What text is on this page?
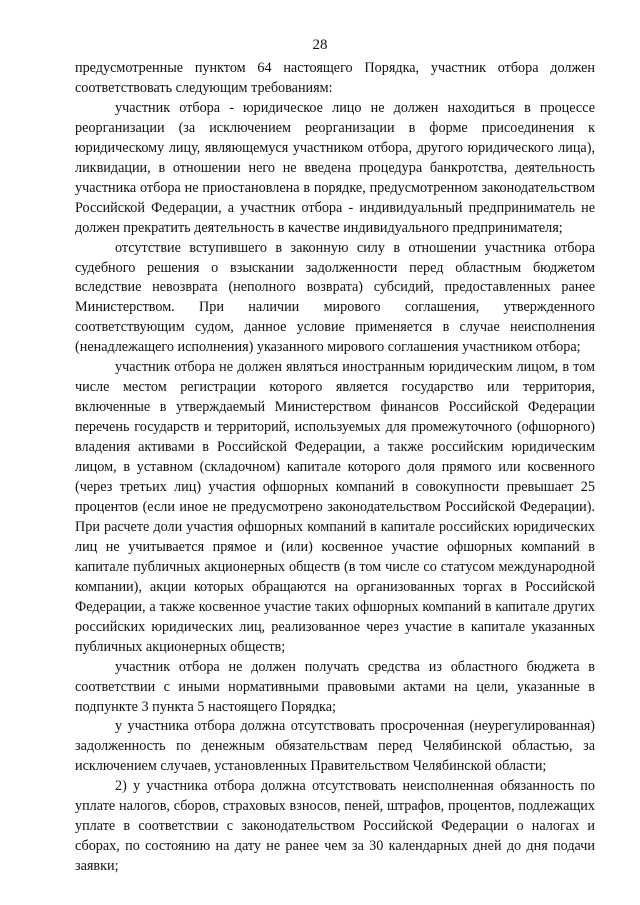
28

предусмотренные пунктом 64 настоящего Порядка, участник отбора должен соответствовать следующим требованиям:

участник отбора - юридическое лицо не должен находиться в процессе реорганизации (за исключением реорганизации в форме присоединения к юридическому лицу, являющемуся участником отбора, другого юридического лица), ликвидации, в отношении него не введена процедура банкротства, деятельность участника отбора не приостановлена в порядке, предусмотренном законодательством Российской Федерации, а участник отбора - индивидуальный предприниматель не должен прекратить деятельность в качестве индивидуального предпринимателя;

отсутствие вступившего в законную силу в отношении участника отбора судебного решения о взыскании задолженности перед областным бюджетом вследствие невозврата (неполного возврата) субсидий, предоставленных ранее Министерством. При наличии мирового соглашения, утвержденного соответствующим судом, данное условие применяется в случае неисполнения (ненадлежащего исполнения) указанного мирового соглашения участником отбора;

участник отбора не должен являться иностранным юридическим лицом, в том числе местом регистрации которого является государство или территория, включенные в утверждаемый Министерством финансов Российской Федерации перечень государств и территорий, используемых для промежуточного (офшорного) владения активами в Российской Федерации, а также российским юридическим лицом, в уставном (складочном) капитале которого доля прямого или косвенного (через третьих лиц) участия офшорных компаний в совокупности превышает 25 процентов (если иное не предусмотрено законодательством Российской Федерации). При расчете доли участия офшорных компаний в капитале российских юридических лиц не учитывается прямое и (или) косвенное участие офшорных компаний в капитале публичных акционерных обществ (в том числе со статусом международной компании), акции которых обращаются на организованных торгах в Российской Федерации, а также косвенное участие таких офшорных компаний в капитале других российских юридических лиц, реализованное через участие в капитале указанных публичных акционерных обществ;

участник отбора не должен получать средства из областного бюджета в соответствии с иными нормативными правовыми актами на цели, указанные в подпункте 3 пункта 5 настоящего Порядка;

у участника отбора должна отсутствовать просроченная (неурегулированная) задолженность по денежным обязательствам перед Челябинской областью, за исключением случаев, установленных Правительством Челябинской области;

2) у участника отбора должна отсутствовать неисполненная обязанность по уплате налогов, сборов, страховых взносов, пеней, штрафов, процентов, подлежащих уплате в соответствии с законодательством Российской Федерации о налогах и сборах, по состоянию на дату не ранее чем за 30 календарных дней до дня подачи заявки;
